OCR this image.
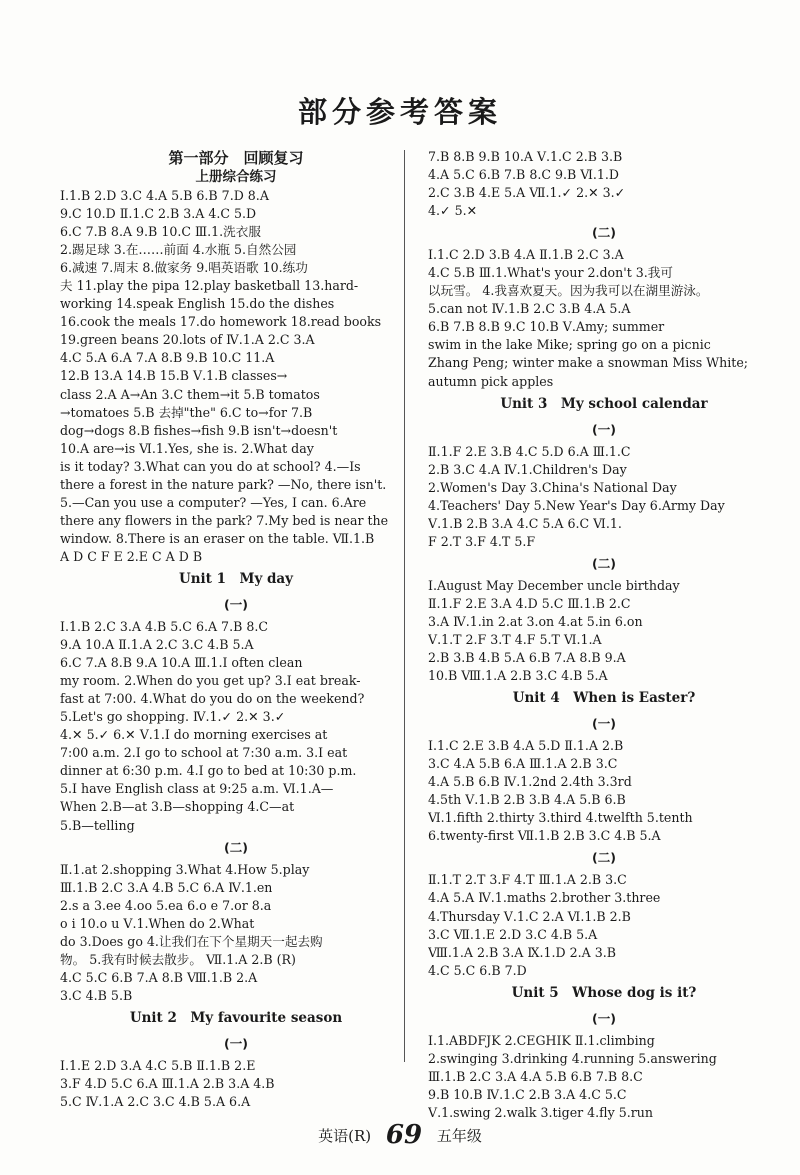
部分参考答案
第一部分　回顾复习
上册综合练习
Ⅰ.1.B 2.D 3.C 4.A 5.B 6.B 7.D 8.A
9.C 10.D Ⅱ.1.C 2.B 3.A 4.C 5.D
6.C 7.B 8.A 9.B 10.C Ⅲ.1.洗衣服
2.踢足球 3.在……前面 4.水瓶 5.自然公园
6.减速 7.周末 8.做家务 9.唱英语歌 10.练功
夫 11.play the pipa 12.play basketball 13.hard-
working 14.speak English 15.do the dishes
16.cook the meals 17.do homework 18.read books
19.green beans 20.lots of Ⅳ.1.A 2.C 3.A
4.C 5.A 6.A 7.A 8.B 9.B 10.C 11.A
12.B 13.A 14.B 15.B Ⅴ.1.B classes→
class 2.A A→An 3.C them→it 5.B tomatos
→tomatoes 5.B 去掉"the" 6.C to→for 7.B
dog→dogs 8.B fishes→fish 9.B isn't→doesn't
10.A are→is Ⅵ.1.Yes, she is. 2.What day
is it today? 3.What can you do at school? 4.—Is
there a forest in the nature park? —No, there isn't.
5.—Can you use a computer? —Yes, I can. 6.Are
there any flowers in the park? 7.My bed is near the
window. 8.There is an eraser on the table. Ⅶ.1.B
A D C F E 2.E C A D B
Unit 1　My day
(一)
Ⅰ.1.B 2.C 3.A 4.B 5.C 6.A 7.B 8.C
9.A 10.A Ⅱ.1.A 2.C 3.C 4.B 5.A
6.C 7.A 8.B 9.A 10.A Ⅲ.1.I often clean
my room. 2.When do you get up? 3.I eat break-
fast at 7:00. 4.What do you do on the weekend?
5.Let's go shopping. Ⅳ.1.✓ 2.✕ 3.✓
4.✕ 5.✓ 6.✕ Ⅴ.1.I do morning exercises at
7:00 a.m. 2.I go to school at 7:30 a.m. 3.I eat
dinner at 6:30 p.m. 4.I go to bed at 10:30 p.m.
5.I have English class at 9:25 a.m. Ⅵ.1.A—
When 2.B—at 3.B—shopping 4.C—at
5.B—telling
(二)
Ⅱ.1.at 2.shopping 3.What 4.How 5.play
Ⅲ.1.B 2.C 3.A 4.B 5.C 6.A Ⅳ.1.en
2.s a 3.ee 4.oo 5.ea 6.o e 7.or 8.a
o i 10.o u Ⅴ.1.When do 2.What
do 3.Does go 4.让我们在下个星期天一起去购
物。 5.我有时候去散步。 Ⅶ.1.A 2.B (R)
4.C 5.C 6.B 7.A 8.B Ⅷ.1.B 2.A
3.C 4.B 5.B
Unit 2　My favourite season
(一)
Ⅰ.1.E 2.D 3.A 4.C 5.B Ⅱ.1.B 2.E
3.F 4.D 5.C 6.A Ⅲ.1.A 2.B 3.A 4.B
5.C Ⅳ.1.A 2.C 3.C 4.B 5.A 6.A
7.B 8.B 9.B 10.A Ⅴ.1.C 2.B 3.B
4.A 5.C 6.B 7.B 8.C 9.B Ⅵ.1.D
2.C 3.B 4.E 5.A Ⅶ.1.✓ 2.✕ 3.✓
4.✓ 5.✕
(二)
Ⅰ.1.C 2.D 3.B 4.A Ⅱ.1.B 2.C 3.A
4.C 5.B Ⅲ.1.What's your 2.don't 3.我可
以玩雪。 4.我喜欢夏天。因为我可以在湖里游泳。
5.can not Ⅳ.1.B 2.C 3.B 4.A 5.A
6.B 7.B 8.B 9.C 10.B Ⅴ.Amy; summer
swim in the lake Mike; spring go on a picnic
Zhang Peng; winter make a snowman Miss White;
autumn pick apples
Unit 3　My school calendar
(一)
Ⅱ.1.F 2.E 3.B 4.C 5.D 6.A Ⅲ.1.C
2.B 3.C 4.A Ⅳ.1.Children's Day
2.Women's Day 3.China's National Day
4.Teachers' Day 5.New Year's Day 6.Army Day
Ⅴ.1.B 2.B 3.A 4.C 5.A 6.C Ⅵ.1.
F 2.T 3.F 4.T 5.F
(二)
Ⅰ.August May December uncle birthday
Ⅱ.1.F 2.E 3.A 4.D 5.C Ⅲ.1.B 2.C
3.A Ⅳ.1.in 2.at 3.on 4.at 5.in 6.on
Ⅴ.1.T 2.F 3.T 4.F 5.T Ⅵ.1.A
2.B 3.B 4.B 5.A 6.B 7.A 8.B 9.A
10.B Ⅷ.1.A 2.B 3.C 4.B 5.A
Unit 4　When is Easter?
(一)
Ⅰ.1.C 2.E 3.B 4.A 5.D Ⅱ.1.A 2.B
3.C 4.A 5.B 6.A Ⅲ.1.A 2.B 3.C
4.A 5.B 6.B Ⅳ.1.2nd 2.4th 3.3rd
4.5th Ⅴ.1.B 2.B 3.B 4.A 5.B 6.B
Ⅵ.1.fifth 2.thirty 3.third 4.twelfth 5.tenth
6.twenty-first Ⅶ.1.B 2.B 3.C 4.B 5.A
(二)
Ⅱ.1.T 2.T 3.F 4.T Ⅲ.1.A 2.B 3.C
4.A 5.A Ⅳ.1.maths 2.brother 3.three
4.Thursday Ⅴ.1.C 2.A Ⅵ.1.B 2.B
3.C Ⅶ.1.E 2.D 3.C 4.B 5.A
Ⅷ.1.A 2.B 3.A Ⅸ.1.D 2.A 3.B
4.C 5.C 6.B 7.D
Unit 5　Whose dog is it?
(一)
Ⅰ.1.ABDFJK 2.CEGHIK Ⅱ.1.climbing
2.swinging 3.drinking 4.running 5.answering
Ⅲ.1.B 2.C 3.A 4.A 5.B 6.B 7.B 8.C
9.B 10.B Ⅳ.1.C 2.B 3.A 4.C 5.C
Ⅴ.1.swing 2.walk 3.tiger 4.fly 5.run
英语(R) 69 五年级
